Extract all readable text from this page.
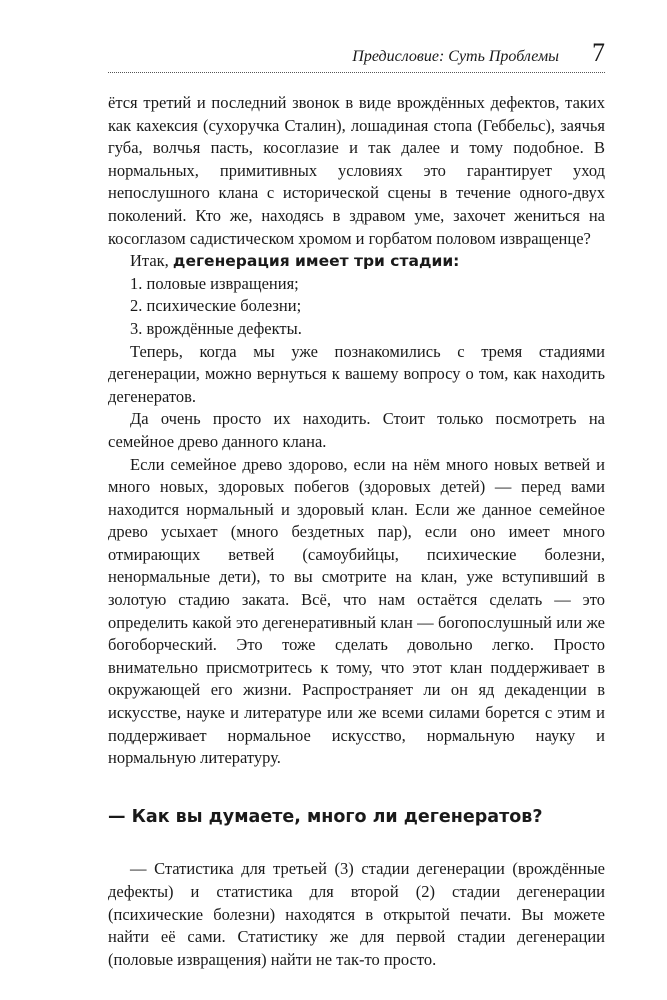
Предисловие: Суть Проблемы 7

ётся третий и последний звонок в виде врождённых дефектов, таких как кахексия (сухоручка Сталин), лошадиная стопа (Геббельс), заячья губа, волчья пасть, косоглазие и так далее и тому подобное. В нормальных, примитивных условиях это гарантирует уход непослушного клана с исторической сцены в течение одного-двух поколений. Кто же, находясь в здравом уме, захочет жениться на косоглазом садистическом хромом и горбатом половом извращенце?

Итак, дегенерация имеет три стадии:

1. половые извращения;

2. психические болезни;

3. врождённые дефекты.

Теперь, когда мы уже познакомились с тремя стадиями дегенерации, можно вернуться к вашему вопросу о том, как находить дегенератов.

Да очень просто их находить. Стоит только посмотреть на семейное древо данного клана.

Если семейное древо здорово, если на нём много новых ветвей и много новых, здоровых побегов (здоровых детей) — перед вами находится нормальный и здоровый клан. Если же данное семейное древо усыхает (много бездетных пар), если оно имеет много отмирающих ветвей (самоубийцы, психические болезни, ненормальные дети), то вы смотрите на клан, уже вступивший в золотую стадию заката. Всё, что нам остаётся сделать — это определить какой это дегенеративный клан — богопослушный или же богоборческий. Это тоже сделать довольно легко. Просто внимательно присмотритесь к тому, что этот клан поддерживает в окружающей его жизни. Распространяет ли он яд декаденции в искусстве, науке и литературе или же всеми силами борется с этим и поддерживает нормальное искусство, нормальную науку и нормальную литературу.

— Как вы думаете, много ли дегенератов?

— Статистика для третьей (3) стадии дегенерации (врождённые дефекты) и статистика для второй (2) стадии дегенерации (психические болезни) находятся в открытой печати. Вы можете найти её сами. Статистику же для первой стадии дегенерации (половые извращения) найти не так-то просто.
